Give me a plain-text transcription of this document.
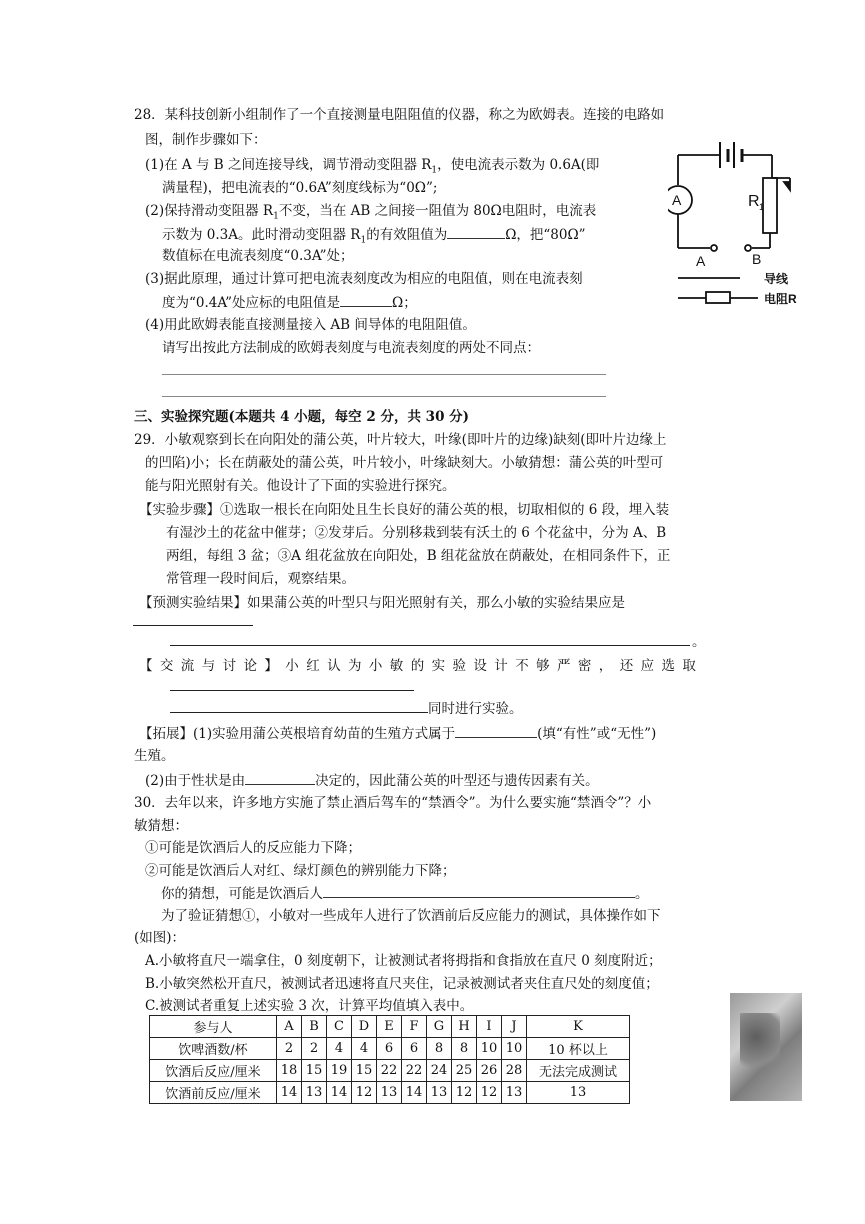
28．某科技创新小组制作了一个直接测量电阻阻值的仪器，称之为欧姆表。连接的电路如
图，制作步骤如下：
(1)在 A 与 B 之间连接导线，调节滑动变阻器 $R_1$，使电流表示数为 0.6A(即
满量程)，把电流表的“0.6A”刻度线标为“0Ω”;
(2)保持滑动变阻器 $R_1$不变，当在 AB 之间接一阻值为 80Ω电阻时，电流表
示数为 0.3A。此时滑动变阻器 $R_1$的有效阻值为	Ω，把“80Ω”
数值标在电流表刻度“0.3A”处；
(3)据此原理，通过计算可把电流表刻度改为相应的电阻值，则在电流表刻
度为“0.4A”处应标的电阻值是	Ω；
(4)用此欧姆表能直接测量接入 AB 间导体的电阻阻值。
请写出按此方法制成的欧姆表刻度与电流表刻度的两处不同点：
A	R 1
A	B
导线
电阻R
三、实验探究题(本题共 4 小题，每空 2 分，共 30 分)
29．小敏观察到长在向阳处的蒲公英，叶片较大，叶缘(即叶片的边缘)缺刻(即叶片边缘上
的凹陷)小；长在荫蔽处的蒲公英，叶片较小，叶缘缺刻大。小敏猜想：蒲公英的叶型可
能与阳光照射有关。他设计了下面的实验进行探究。
【实验步骤】①选取一根长在向阳处且生长良好的蒲公英的根，切取相似的 6 段，埋入装
有湿沙土的花盆中催芽；②发芽后。分别移栽到装有沃土的 6 个花盆中，分为 A、B
两组，每组 3 盆；③A 组花盆放在向阳处，B 组花盆放在荫蔽处，在相同条件下，正
常管理一段时间后，观察结果。
【预测实验结果】如果蒲公英的叶型只与阳光照射有关，那么小敏的实验结果应是
。
【交流与讨论】小红认为小敏的实验设计不够严密，还应选取
同时进行实验。
【拓展】(1)实验用蒲公英根培育幼苗的生殖方式属于	(填“有性”或“无性”)
生殖。
(2)由于性状是由	决定的，因此蒲公英的叶型还与遗传因素有关。
30．去年以来，许多地方实施了禁止酒后驾车的“禁酒令”。为什么要实施“禁酒令”？小
敏猜想：
①可能是饮酒后人的反应能力下降；
②可能是饮酒后人对红、绿灯颜色的辨别能力下降；
你的猜想，可能是饮酒后人	。
为了验证猜想①，小敏对一些成年人进行了饮酒前后反应能力的测试，具体操作如下
(如图)：
A.小敏将直尺一端拿住，0 刻度朝下，让被测试者将拇指和食指放在直尺 0 刻度附近；
B.小敏突然松开直尺，被测试者迅速将直尺夹住，记录被测试者夹住直尺处的刻度值；
C.被测试者重复上述实验 3 次，计算平均值填入表中。
参与人	A	B	C	D	E	F	G	H	I	J	K
饮啤酒数/杯	2	2	4	4	6	6	8	8	10	10	10 杯以上
饮酒后反应/厘米	18	15	19	15	22	22	24	25	26	28	无法完成测试
饮酒前反应/厘米	14	13	14	12	13	14	13	12	12	13	13
